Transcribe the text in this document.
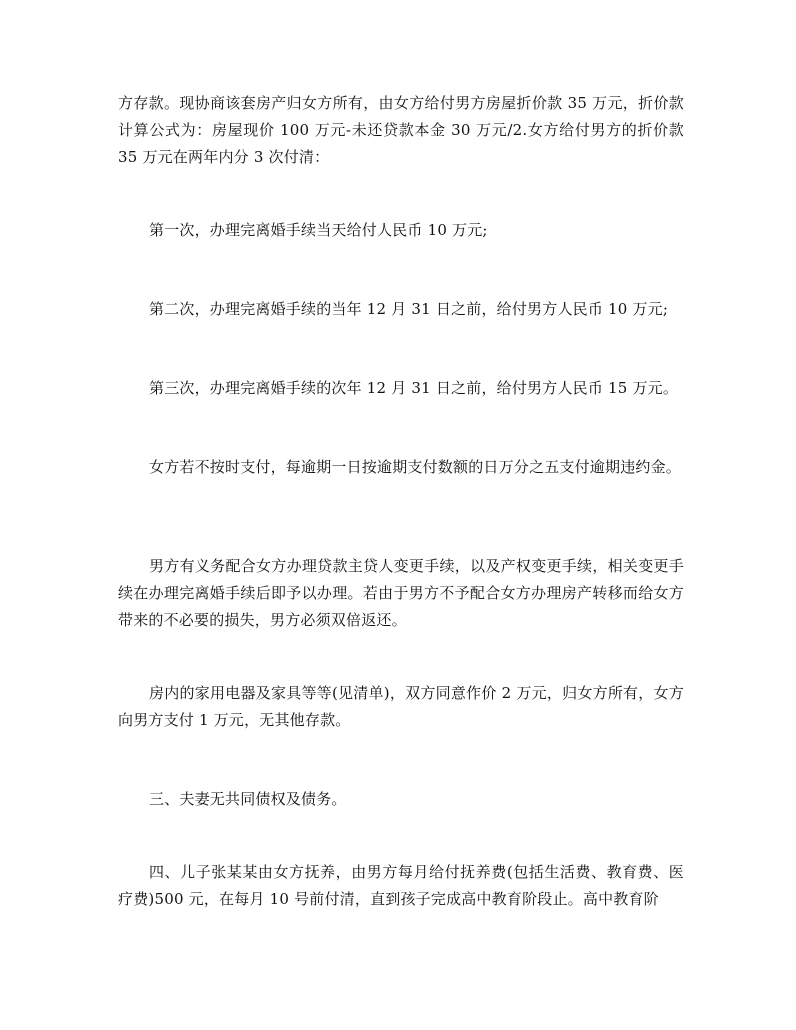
方存款。现协商该套房产归女方所有，由女方给付男方房屋折价款 35 万元，折价款计算公式为：房屋现价 100 万元-未还贷款本金 30 万元/2.女方给付男方的折价款 35 万元在两年内分 3 次付清：

第一次，办理完离婚手续当天给付人民币 10 万元;

第二次，办理完离婚手续的当年 12 月 31 日之前，给付男方人民币 10 万元;

第三次，办理完离婚手续的次年 12 月 31 日之前，给付男方人民币 15 万元。

女方若不按时支付，每逾期一日按逾期支付数额的日万分之五支付逾期违约金。

男方有义务配合女方办理贷款主贷人变更手续，以及产权变更手续，相关变更手续在办理完离婚手续后即予以办理。若由于男方不予配合女方办理房产转移而给女方带来的不必要的损失，男方必须双倍返还。

房内的家用电器及家具等等(见清单)，双方同意作价 2 万元，归女方所有，女方向男方支付 1 万元，无其他存款。

三、夫妻无共同债权及债务。

四、儿子张某某由女方抚养，由男方每月给付抚养费(包括生活费、教育费、医疗费)500 元，在每月 10 号前付清，直到孩子完成高中教育阶段止。高中教育阶
